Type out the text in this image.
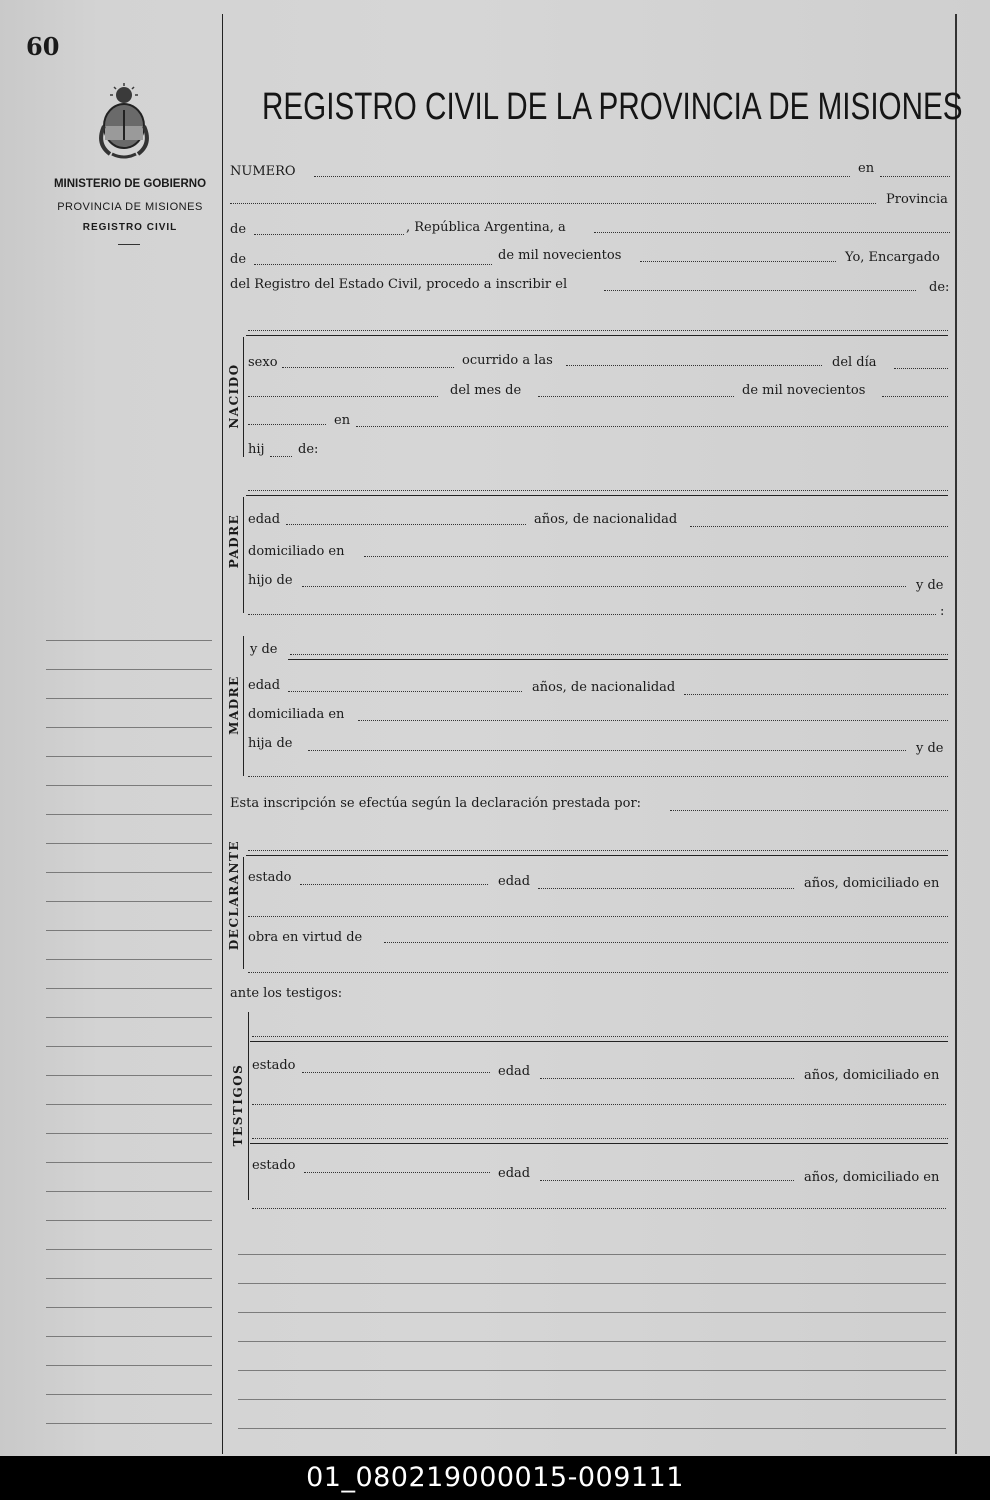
60
MINISTERIO DE GOBIERNO
PROVINCIA DE MISIONES
REGISTRO CIVIL
REGISTRO CIVIL DE LA PROVINCIA DE MISIONES
NUMERO	en
Provincia
de	, República Argentina, a
de	de mil novecientos	Yo, Encargado
del Registro del Estado Civil, procedo a inscribir el	de:
NACIDO
sexo	ocurrido a las	del día
del mes de	de mil novecientos
en
hij	de:
PADRE edad	años, de nacionalidad
domiciliado en
hijo de	y de
:
MADRE
y de
edad	años, de nacionalidad
domiciliada en
hija de	y de
Esta inscripción se efectúa según la declaración prestada por:
DECLARANTE estado	edad	años, domiciliado en
obra en virtud de
ante los testigos:
TESTIGOS estado	edad	años, domiciliado en
estado
edad	años, domiciliado en
01_080219000015-009111
